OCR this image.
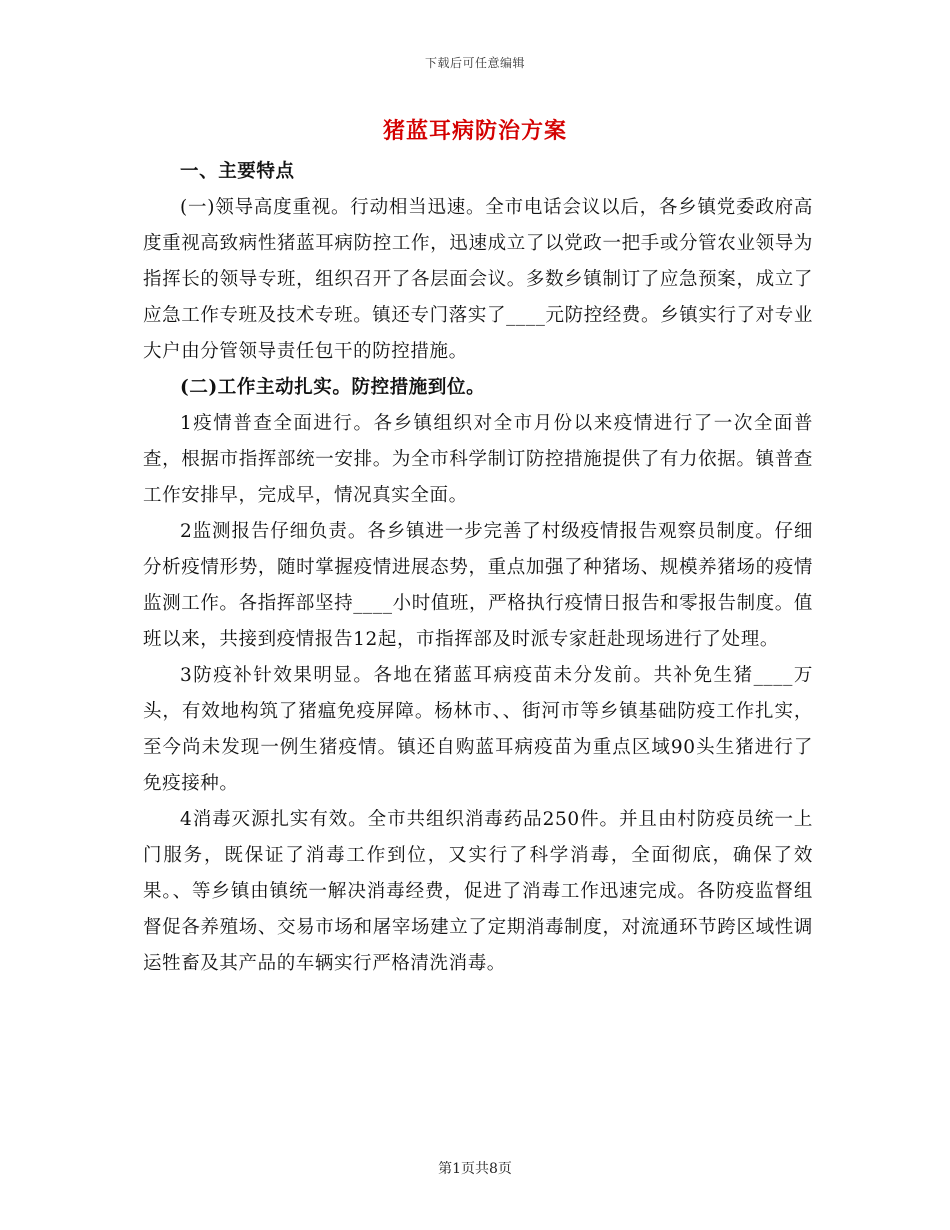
下载后可任意编辑
猪蓝耳病防治方案

一、主要特点

(一)领导高度重视。行动相当迅速。全市电话会议以后，各乡镇党委政府高度重视高致病性猪蓝耳病防控工作，迅速成立了以党政一把手或分管农业领导为指挥长的领导专班，组织召开了各层面会议。多数乡镇制订了应急预案，成立了应急工作专班及技术专班。镇还专门落实了____元防控经费。乡镇实行了对专业大户由分管领导责任包干的防控措施。

(二)工作主动扎实。防控措施到位。

1疫情普查全面进行。各乡镇组织对全市月份以来疫情进行了一次全面普查，根据市指挥部统一安排。为全市科学制订防控措施提供了有力依据。镇普查工作安排早，完成早，情况真实全面。

2监测报告仔细负责。各乡镇进一步完善了村级疫情报告观察员制度。仔细分析疫情形势，随时掌握疫情进展态势，重点加强了种猪场、规模养猪场的疫情监测工作。各指挥部坚持____小时值班，严格执行疫情日报告和零报告制度。值班以来，共接到疫情报告12起，市指挥部及时派专家赶赴现场进行了处理。

3防疫补针效果明显。各地在猪蓝耳病疫苗未分发前。共补免生猪____万头，有效地构筑了猪瘟免疫屏障。杨林市、、街河市等乡镇基础防疫工作扎实，至今尚未发现一例生猪疫情。镇还自购蓝耳病疫苗为重点区域90头生猪进行了免疫接种。

4消毒灭源扎实有效。全市共组织消毒药品250件。并且由村防疫员统一上门服务，既保证了消毒工作到位，又实行了科学消毒，全面彻底，确保了效果。、等乡镇由镇统一解决消毒经费，促进了消毒工作迅速完成。各防疫监督组督促各养殖场、交易市场和屠宰场建立了定期消毒制度，对流通环节跨区域性调运牲畜及其产品的车辆实行严格清洗消毒。

第1页共8页
